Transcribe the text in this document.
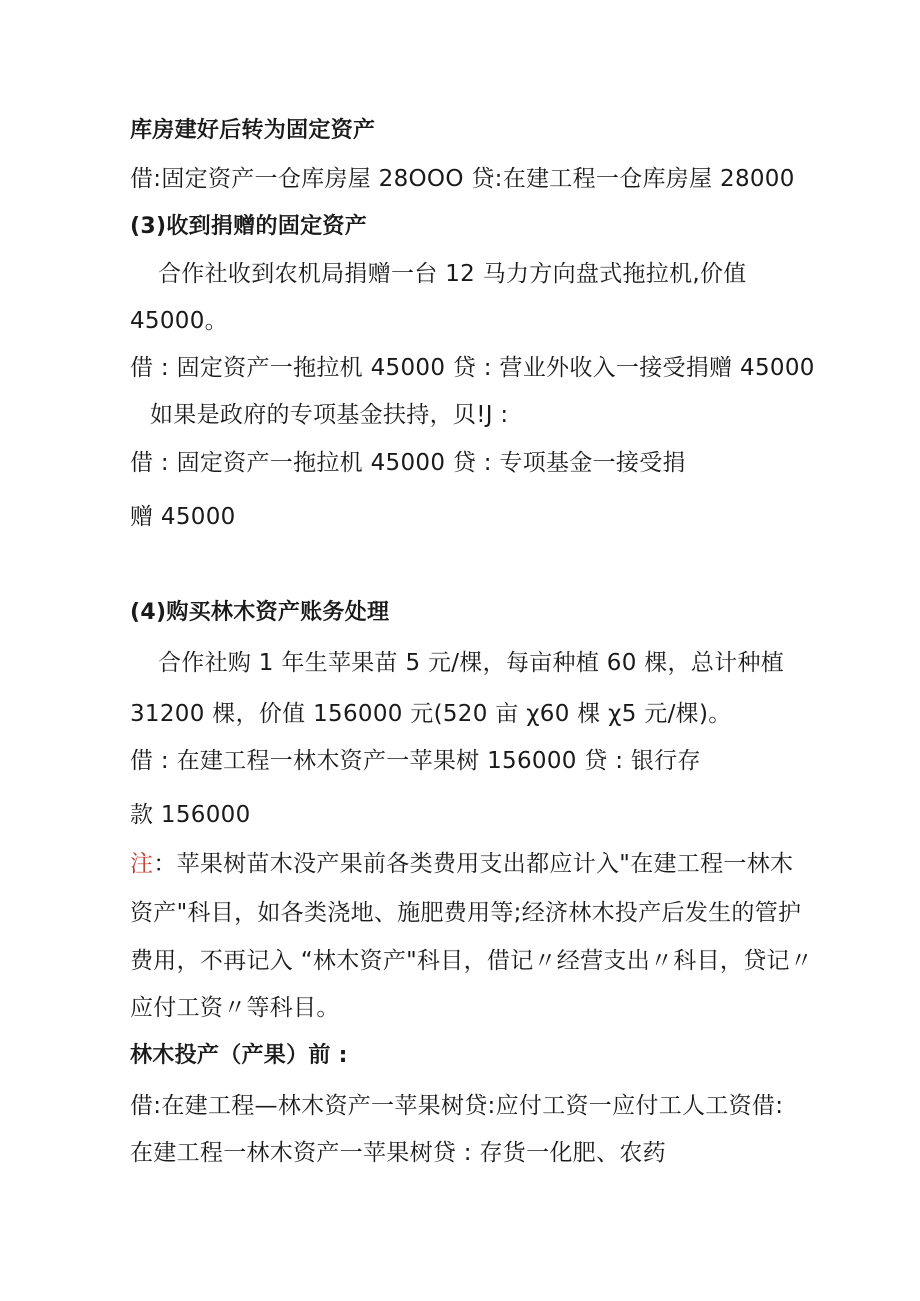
库房建好后转为固定资产
借:固定资产一仓库房屋 28OOO 贷:在建工程一仓库房屋 28000
(3)收到捐赠的固定资产
合作社收到农机局捐赠一台 12 马力方向盘式拖拉机,价值
45000。
借 : 固定资产一拖拉机 45000 贷 : 营业外收入一接受捐赠 45000
如果是政府的专项基金扶持，贝!J :
借 : 固定资产一拖拉机 45000 贷 : 专项基金一接受捐
赠 45000
(4)购买林木资产账务处理
合作社购 1 年生苹果苗 5 元/棵，每亩种植 60 棵，总计种植
31200 棵，价值 156000 元(520 亩 χ60 棵 χ5 元/棵)。
借 : 在建工程一林木资产一苹果树 156000 贷 : 银行存
款 156000
注：苹果树苗木没产果前各类费用支出都应计入"在建工程一林木
资产"科目，如各类浇地、施肥费用等;经济林木投产后发生的管护
费用，不再记入 “林木资产"科目，借记〃经营支出〃科目，贷记〃
应付工资〃等科目。
林木投产（产果）前 :
借:在建工程—林木资产一苹果树贷:应付工资一应付工人工资借:
在建工程一林木资产一苹果树贷 : 存货一化肥、农药
